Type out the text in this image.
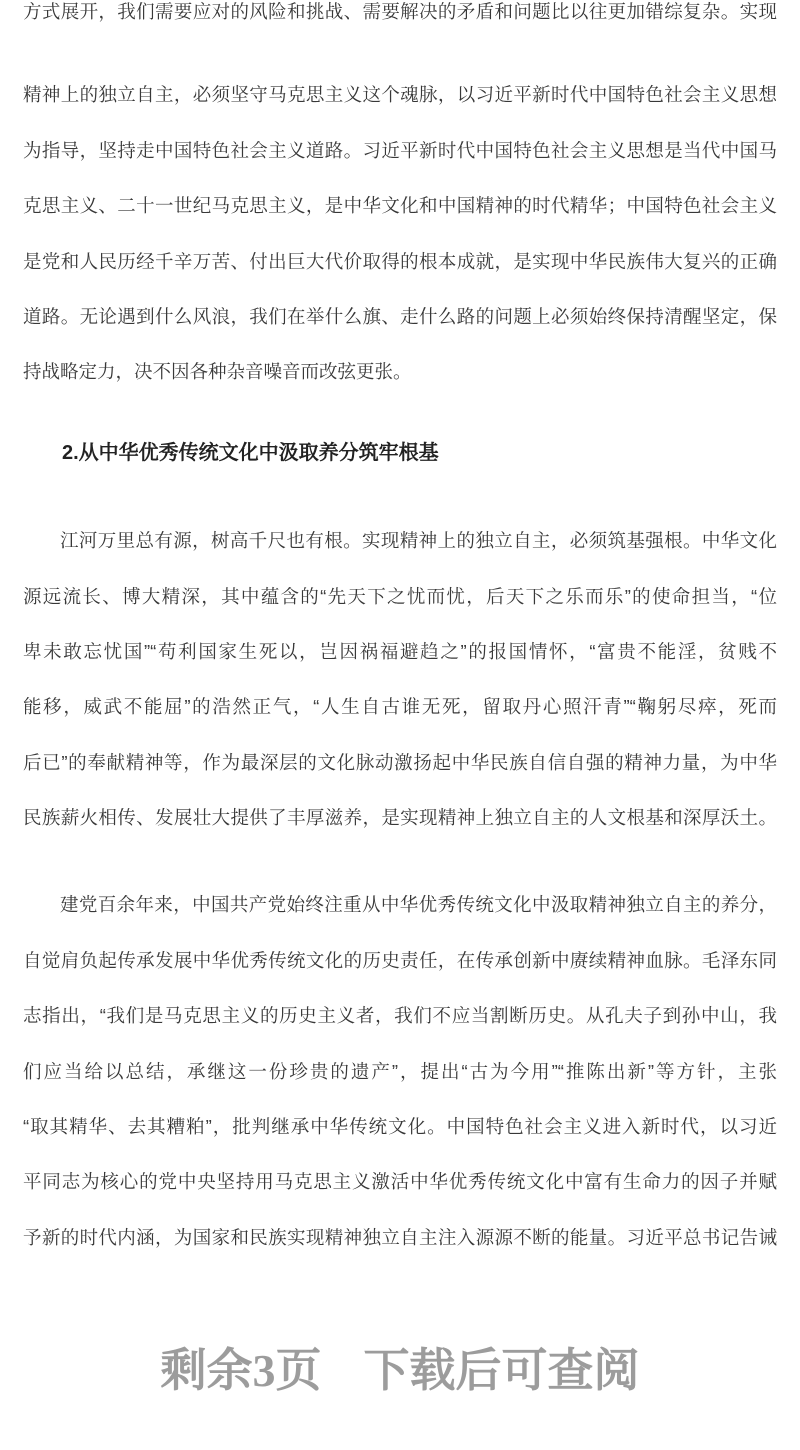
方式展开，我们需要应对的风险和挑战、需要解决的矛盾和问题比以往更加错综复杂。实现
精神上的独立自主，必须坚守马克思主义这个魂脉，以习近平新时代中国特色社会主义思想
为指导，坚持走中国特色社会主义道路。习近平新时代中国特色社会主义思想是当代中国马
克思主义、二十一世纪马克思主义，是中华文化和中国精神的时代精华；中国特色社会主义
是党和人民历经千辛万苦、付出巨大代价取得的根本成就，是实现中华民族伟大复兴的正确
道路。无论遇到什么风浪，我们在举什么旗、走什么路的问题上必须始终保持清醒坚定，保
持战略定力，决不因各种杂音噪音而改弦更张。
2.从中华优秀传统文化中汲取养分筑牢根基
江河万里总有源，树高千尺也有根。实现精神上的独立自主，必须筑基强根。中华文化
源远流长、博大精深，其中蕴含的“先天下之忧而忧，后天下之乐而乐”的使命担当，“位
卑未敢忘忧国”“苟利国家生死以，岂因祸福避趋之”的报国情怀，“富贵不能淫，贫贱不
能移，威武不能屈”的浩然正气，“人生自古谁无死，留取丹心照汗青”“鞠躬尽瘁，死而
后已”的奉献精神等，作为最深层的文化脉动激扬起中华民族自信自强的精神力量，为中华
民族薪火相传、发展壮大提供了丰厚滋养，是实现精神上独立自主的人文根基和深厚沃土。
建党百余年来，中国共产党始终注重从中华优秀传统文化中汲取精神独立自主的养分，
自觉肩负起传承发展中华优秀传统文化的历史责任，在传承创新中赓续精神血脉。毛泽东同
志指出，“我们是马克思主义的历史主义者，我们不应当割断历史。从孔夫子到孙中山，我
们应当给以总结，承继这一份珍贵的遗产”，提出“古为今用”“推陈出新”等方针，主张
“取其精华、去其糟粕”，批判继承中华传统文化。中国特色社会主义进入新时代，以习近
平同志为核心的党中央坚持用马克思主义激活中华优秀传统文化中富有生命力的因子并赋
予新的时代内涵，为国家和民族实现精神独立自主注入源源不断的能量。习近平总书记告诫
剩余3页 下载后可查阅
